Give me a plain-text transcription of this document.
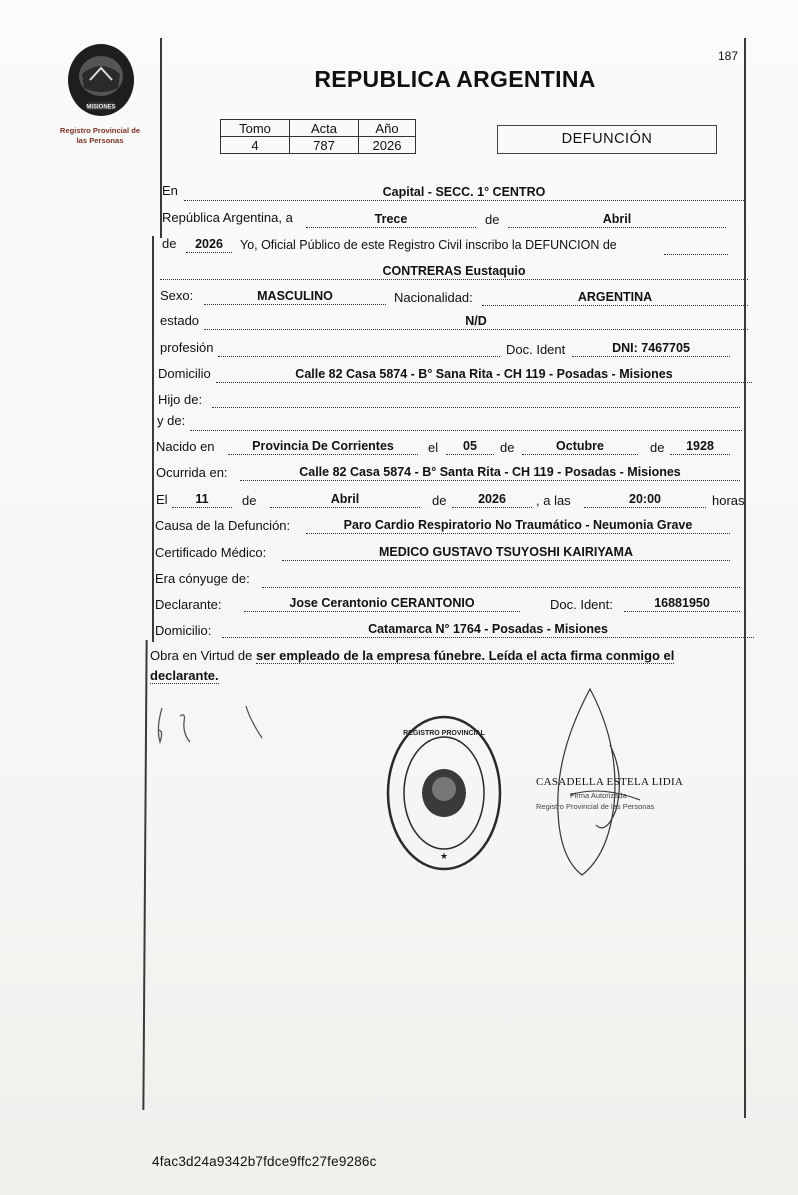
MISIONES
Registro Provincial de
las Personas
REPUBLICA ARGENTINA
187
Tomo	Acta	Año
4	787	2026	DEFUNCIÓN
En	Capital - SECC. 1° CENTRO
República Argentina, a	Trece	de	Abril
de	2026	Yo, Oficial Público de este Registro Civil inscribo la DEFUNCION de
CONTRERAS Eustaquio
Sexo:	MASCULINO	Nacionalidad:	ARGENTINA
estado	N/D
profesión	Doc. Ident	DNI: 7467705
Domicilio	Calle 82 Casa 5874 - B° Sana Rita - CH 119 - Posadas - Misiones
Hijo de:
y de:
Nacido en	Provincia De Corrientes	el	05	de	Octubre	de	1928
Ocurrida en:	Calle 82 Casa 5874 - B° Santa Rita - CH 119 - Posadas - Misiones
El	11	de	Abril	de	2026	, a las	20:00	horas
Causa de la Defunción:	Paro Cardio Respiratorio No Traumático - Neumonia Grave
Certificado Médico:	MEDICO GUSTAVO TSUYOSHI KAIRIYAMA
Era cónyuge de:
Declarante:	Jose Cerantonio CERANTONIO	Doc. Ident:	16881950
Domicilio:	Catamarca N° 1764 - Posadas - Misiones
Obra en Virtud de ser empleado de la empresa fúnebre. Leída el acta firma conmigo el
declarante.
REGISTRO PROVINCIAL
★
CASADELLA ESTELA LIDIA
Firma Autorizada
Registro Provincial de las Personas
4fac3d24a9342b7fdce9ffc27fe9286c
